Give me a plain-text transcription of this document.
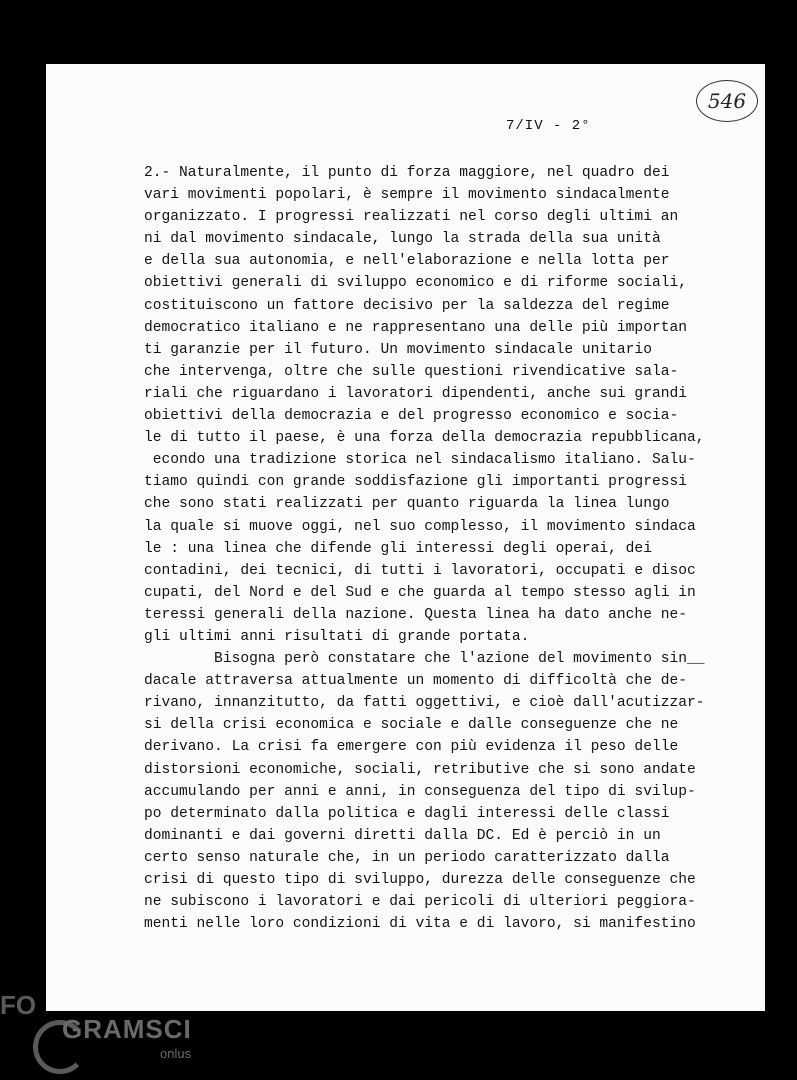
546
7/IV - 2°
2.- Naturalmente, il punto di forza maggiore, nel quadro dei
vari movimenti popolari, è sempre il movimento sindacalmente
organizzato. I progressi realizzati nel corso degli ultimi an
ni dal movimento sindacale, lungo la strada della sua unità
e della sua autonomia, e nell'elaborazione e nella lotta per
obiettivi generali di sviluppo economico e di riforme sociali,
costituiscono un fattore decisivo per la saldezza del regime
democratico italiano e ne rappresentano una delle più importan
ti garanzie per il futuro. Un movimento sindacale unitario
che intervenga, oltre che sulle questioni rivendicative sala-
riali che riguardano i lavoratori dipendenti, anche sui grandi
obiettivi della democrazia e del progresso economico e socia-
le di tutto il paese, è una forza della democrazia repubblicana,
econdo una tradizione storica nel sindacalismo italiano. Salu-
tiamo quindi con grande soddisfazione gli importanti progressi
che sono stati realizzati per quanto riguarda la linea lungo
la quale si muove oggi, nel suo complesso, il movimento sindaca
le : una linea che difende gli interessi degli operai, dei
contadini, dei tecnici, di tutti i lavoratori, occupati e disoc
cupati, del Nord e del Sud e che guarda al tempo stesso agli in
teressi generali della nazione. Questa linea ha dato anche ne-
gli ultimi anni risultati di grande portata.
Bisogna però constatare che l'azione del movimento sin__
dacale attraversa attualmente un momento di difficoltà che de-
rivano, innanzitutto, da fatti oggettivi, e cioè dall'acutizzar-
si della crisi economica e sociale e dalle conseguenze che ne
derivano. La crisi fa emergere con più evidenza il peso delle
distorsioni economiche, sociali, retributive che si sono andate
accumulando per anni e anni, in conseguenza del tipo di svilup-
po determinato dalla politica e dagli interessi delle classi
dominanti e dai governi diretti dalla DC. Ed è perciò in un
certo senso naturale che, in un periodo caratterizzato dalla
crisi di questo tipo di sviluppo, durezza delle conseguenze che
ne subiscono i lavoratori e dai pericoli di ulteriori peggiora-
menti nelle loro condizioni di vita e di lavoro, si manifestino
FO
GRAMSCI
onlus
